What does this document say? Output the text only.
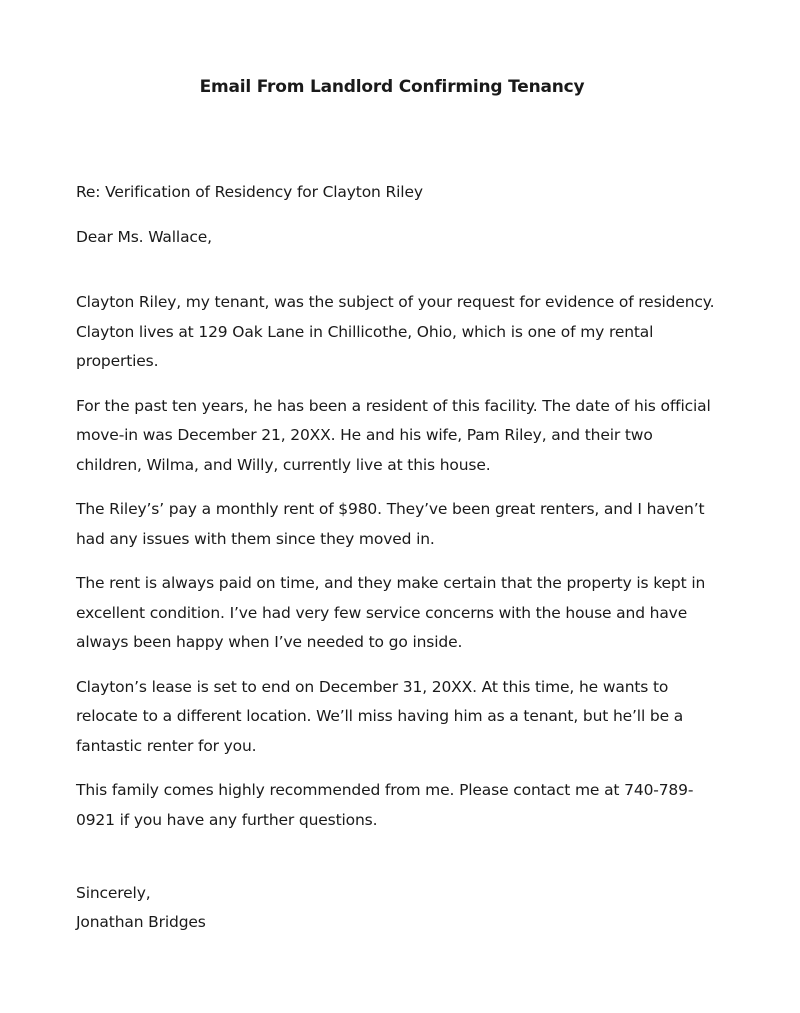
Email From Landlord Confirming Tenancy

Re: Verification of Residency for Clayton Riley

Dear Ms. Wallace,

Clayton Riley, my tenant, was the subject of your request for evidence of residency. Clayton lives at 129 Oak Lane in Chillicothe, Ohio, which is one of my rental properties.

For the past ten years, he has been a resident of this facility. The date of his official move-in was December 21, 20XX. He and his wife, Pam Riley, and their two children, Wilma, and Willy, currently live at this house.

The Riley’s’ pay a monthly rent of $980. They’ve been great renters, and I haven’t had any issues with them since they moved in.

The rent is always paid on time, and they make certain that the property is kept in excellent condition. I’ve had very few service concerns with the house and have always been happy when I’ve needed to go inside.

Clayton’s lease is set to end on December 31, 20XX. At this time, he wants to relocate to a different location. We’ll miss having him as a tenant, but he’ll be a fantastic renter for you.

This family comes highly recommended from me. Please contact me at 740-789-0921 if you have any further questions.

Sincerely,

Jonathan Bridges
